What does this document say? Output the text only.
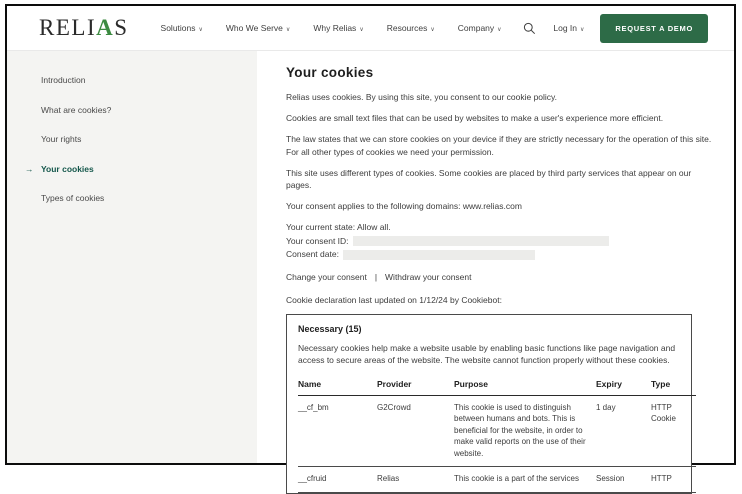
RELIAS	Solutions ∨	Who We Serve ∨	Why Relias ∨	Resources ∨	Company ∨	Log In ∨	REQUEST A DEMO
Introduction
What are cookies?
Your rights
→ Your cookies
Types of cookies
Your cookies

Relias uses cookies. By using this site, you consent to our cookie policy.

Cookies are small text files that can be used by websites to make a user's experience more efficient.

The law states that we can store cookies on your device if they are strictly necessary for the operation of this site. For all other types of cookies we need your permission.

This site uses different types of cookies. Some cookies are placed by third party services that appear on our pages.

Your consent applies to the following domains: www.relias.com

Your current state: Allow all.
Your consent ID:
Consent date:
Change your consent | Withdraw your consent
Cookie declaration last updated on 1/12/24 by Cookiebot:
Necessary (15)
Necessary cookies help make a website usable by enabling basic functions like page navigation and access to secure areas of the website. The website cannot function properly without these cookies.
Name	Provider	Purpose	Expiry	Type
__cf_bm	G2Crowd	This cookie is used to distinguish between humans and bots. This is beneficial for the website, in order to make valid reports on the use of their website.	1 day	HTTP Cookie
__cfruid	Relias	This cookie is a part of the services	Session	HTTP
